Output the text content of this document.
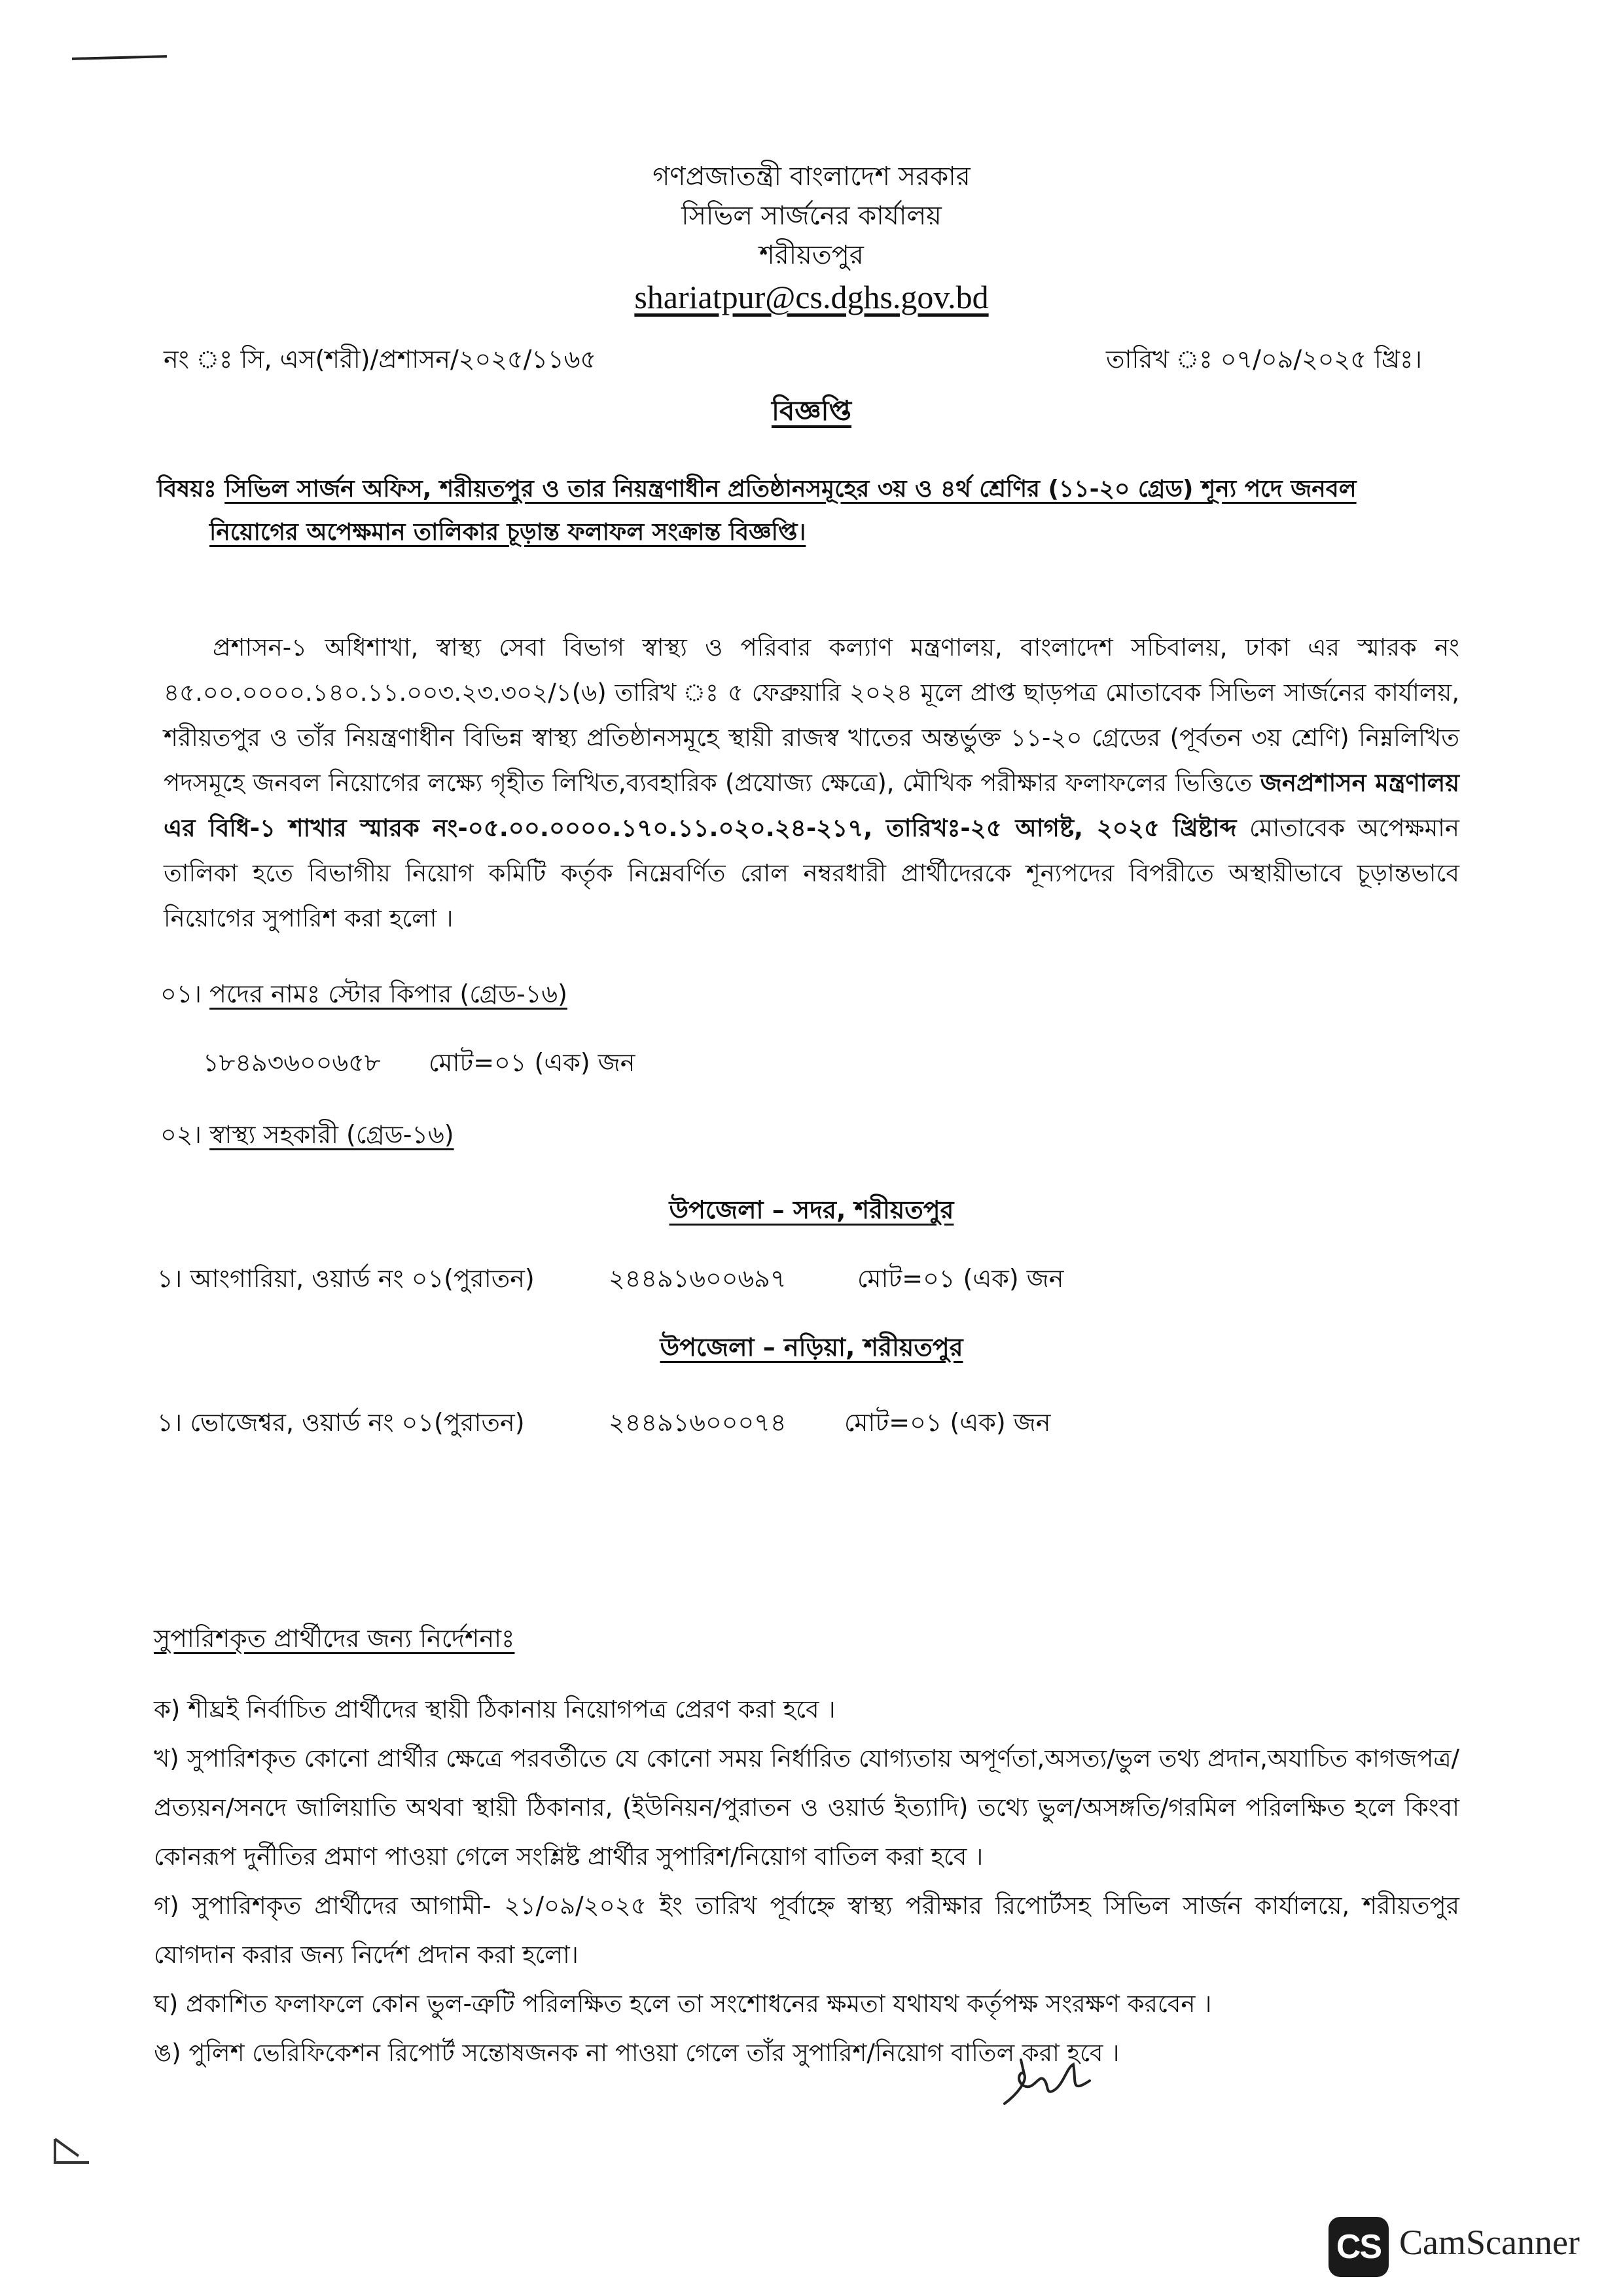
গণপ্রজাতন্ত্রী বাংলাদেশ সরকার
সিভিল সার্জনের কার্যালয়
শরীয়তপুর
shariatpur@cs.dghs.gov.bd
নং ঃ সি, এস(শরী)/প্রশাসন/২০২৫/১১৬৫	তারিখ ঃ ০৭/০৯/২০২৫ খ্রিঃ।
বিজ্ঞপ্তি
বিষয়ঃ সিভিল সার্জন অফিস, শরীয়তপুর ও তার নিয়ন্ত্রণাধীন প্রতিষ্ঠানসমূহের ৩য় ও ৪র্থ শ্রেণির (১১-২০ গ্রেড) শূন্য পদে জনবল
নিয়োগের অপেক্ষমান তালিকার চূড়ান্ত ফলাফল সংক্রান্ত বিজ্ঞপ্তি।
প্রশাসন-১ অধিশাখা, স্বাস্থ্য সেবা বিভাগ স্বাস্থ্য ও পরিবার কল্যাণ মন্ত্রণালয়, বাংলাদেশ সচিবালয়, ঢাকা এর স্মারক নং ৪৫.০০.০০০০.১৪০.১১.০০৩.২৩.৩০২/১(৬) তারিখ ঃ ৫ ফেব্রুয়ারি ২০২৪ মূলে প্রাপ্ত ছাড়পত্র মোতাবেক সিভিল সার্জনের কার্যালয়, শরীয়তপুর ও তাঁর নিয়ন্ত্রণাধীন বিভিন্ন স্বাস্থ্য প্রতিষ্ঠানসমূহে স্থায়ী রাজস্ব খাতের অন্তর্ভুক্ত ১১-২০ গ্রেডের (পূর্বতন ৩য় শ্রেণি) নিম্নলিখিত পদসমূহে জনবল নিয়োগের লক্ষ্যে গৃহীত লিখিত,ব্যবহারিক (প্রযোজ্য ক্ষেত্রে), মৌখিক পরীক্ষার ফলাফলের ভিত্তিতে জনপ্রশাসন মন্ত্রণালয় এর বিধি-১ শাখার স্মারক নং-০৫.০০.০০০০.১৭০.১১.০২০.২৪-২১৭, তারিখঃ-২৫ আগষ্ট, ২০২৫ খ্রিষ্টাব্দ মোতাবেক অপেক্ষমান তালিকা হতে বিভাগীয় নিয়োগ কমিটি কর্তৃক নিম্নেবর্ণিত রোল নম্বরধারী প্রার্থীদেরকে শূন্যপদের বিপরীতে অস্থায়ীভাবে চূড়ান্তভাবে নিয়োগের সুপারিশ করা হলো ।
০১। পদের নামঃ স্টোর কিপার (গ্রেড-১৬)
১৮৪৯৩৬০০৬৫৮ মোট=০১ (এক) জন
০২। স্বাস্থ্য সহকারী (গ্রেড-১৬)
উপজেলা – সদর, শরীয়তপুর
১। আংগারিয়া, ওয়ার্ড নং ০১(পুরাতন)	২৪৪৯১৬০০৬৯৭	মোট=০১ (এক) জন
উপজেলা – নড়িয়া, শরীয়তপুর
১। ভোজেশ্বর, ওয়ার্ড নং ০১(পুরাতন)	২৪৪৯১৬০০০৭৪ মোট=০১ (এক) জন
সুপারিশকৃত প্রার্থীদের জন্য নির্দেশনাঃ
ক) শীঘ্রই নির্বাচিত প্রার্থীদের স্থায়ী ঠিকানায় নিয়োগপত্র প্রেরণ করা হবে ।
খ) সুপারিশকৃত কোনো প্রার্থীর ক্ষেত্রে পরবর্তীতে যে কোনো সময় নির্ধারিত যোগ্যতায় অপূর্ণতা,অসত্য/ভুল তথ্য প্রদান,অযাচিত কাগজপত্র/প্রত্যয়ন/সনদে জালিয়াতি অথবা স্থায়ী ঠিকানার, (ইউনিয়ন/পুরাতন ও ওয়ার্ড ইত্যাদি) তথ্যে ভুল/অসঙ্গতি/গরমিল পরিলক্ষিত হলে কিংবা কোনরূপ দুর্নীতির প্রমাণ পাওয়া গেলে সংশ্লিষ্ট প্রার্থীর সুপারিশ/নিয়োগ বাতিল করা হবে ।
গ) সুপারিশকৃত প্রার্থীদের আগামী- ২১/০৯/২০২৫ ইং তারিখ পূর্বাহ্নে স্বাস্থ্য পরীক্ষার রিপোর্টসহ সিভিল সার্জন কার্যালয়ে, শরীয়তপুর যোগদান করার জন্য নির্দেশ প্রদান করা হলো।
ঘ) প্রকাশিত ফলাফলে কোন ভুল-ত্রুটি পরিলক্ষিত হলে তা সংশোধনের ক্ষমতা যথাযথ কর্তৃপক্ষ সংরক্ষণ করবেন ।
ঙ) পুলিশ ভেরিফিকেশন রিপোর্ট সন্তোষজনক না পাওয়া গেলে তাঁর সুপারিশ/নিয়োগ বাতিল করা হবে ।
CS CamScanner
